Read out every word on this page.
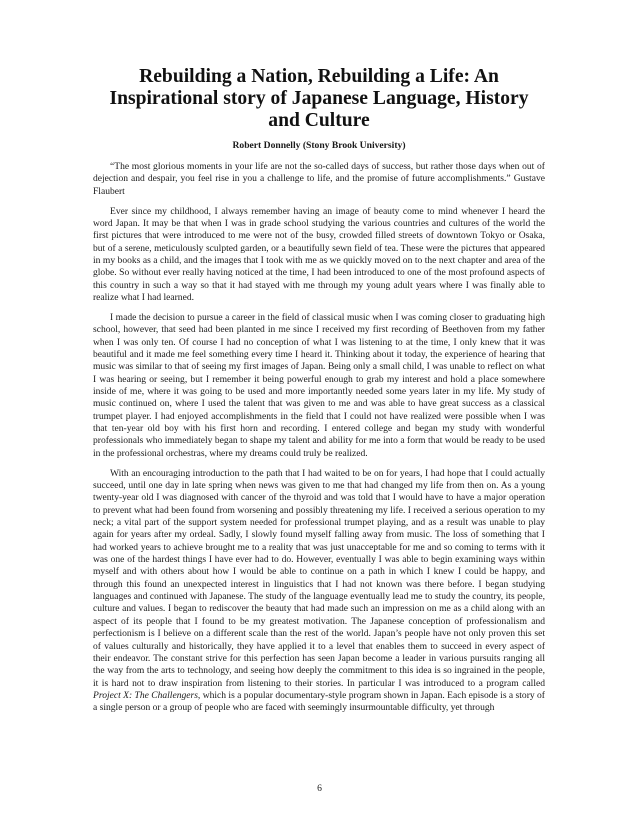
Rebuilding a Nation, Rebuilding a Life: An Inspirational story of Japanese Language, History and Culture
Robert Donnelly (Stony Brook University)

“The most glorious moments in your life are not the so-called days of success, but rather those days when out of dejection and despair, you feel rise in you a challenge to life, and the promise of future accomplishments.” Gustave Flaubert

Ever since my childhood, I always remember having an image of beauty come to mind whenever I heard the word Japan. It may be that when I was in grade school studying the various countries and cultures of the world the first pictures that were introduced to me were not of the busy, crowded filled streets of downtown Tokyo or Osaka, but of a serene, meticulously sculpted garden, or a beautifully sewn field of tea. These were the pictures that appeared in my books as a child, and the images that I took with me as we quickly moved on to the next chapter and area of the globe. So without ever really having noticed at the time, I had been introduced to one of the most profound aspects of this country in such a way so that it had stayed with me through my young adult years where I was finally able to realize what I had learned.

I made the decision to pursue a career in the field of classical music when I was coming closer to graduating high school, however, that seed had been planted in me since I received my first recording of Beethoven from my father when I was only ten. Of course I had no conception of what I was listening to at the time, I only knew that it was beautiful and it made me feel something every time I heard it. Thinking about it today, the experience of hearing that music was similar to that of seeing my first images of Japan. Being only a small child, I was unable to reflect on what I was hearing or seeing, but I remember it being powerful enough to grab my interest and hold a place somewhere inside of me, where it was going to be used and more importantly needed some years later in my life. My study of music continued on, where I used the talent that was given to me and was able to have great success as a classical trumpet player. I had enjoyed accomplishments in the field that I could not have realized were possible when I was that ten-year old boy with his first horn and recording. I entered college and began my study with wonderful professionals who immediately began to shape my talent and ability for me into a form that would be ready to be used in the professional orchestras, where my dreams could truly be realized.

With an encouraging introduction to the path that I had waited to be on for years, I had hope that I could actually succeed, until one day in late spring when news was given to me that had changed my life from then on. As a young twenty-year old I was diagnosed with cancer of the thyroid and was told that I would have to have a major operation to prevent what had been found from worsening and possibly threatening my life. I received a serious operation to my neck; a vital part of the support system needed for professional trumpet playing, and as a result was unable to play again for years after my ordeal. Sadly, I slowly found myself falling away from music. The loss of something that I had worked years to achieve brought me to a reality that was just unacceptable for me and so coming to terms with it was one of the hardest things I have ever had to do. However, eventually I was able to begin examining ways within myself and with others about how I would be able to continue on a path in which I knew I could be happy, and through this found an unexpected interest in linguistics that I had not known was there before. I began studying languages and continued with Japanese. The study of the language eventually lead me to study the country, its people, culture and values. I began to rediscover the beauty that had made such an impression on me as a child along with an aspect of its people that I found to be my greatest motivation. The Japanese conception of professionalism and perfectionism is I believe on a different scale than the rest of the world. Japan’s people have not only proven this set of values culturally and historically, they have applied it to a level that enables them to succeed in every aspect of their endeavor. The constant strive for this perfection has seen Japan become a leader in various pursuits ranging all the way from the arts to technology, and seeing how deeply the commitment to this idea is so ingrained in the people, it is hard not to draw inspiration from listening to their stories. In particular I was introduced to a program called Project X: The Challengers, which is a popular documentary-style program shown in Japan. Each episode is a story of a single person or a group of people who are faced with seemingly insurmountable difficulty, yet through

6
